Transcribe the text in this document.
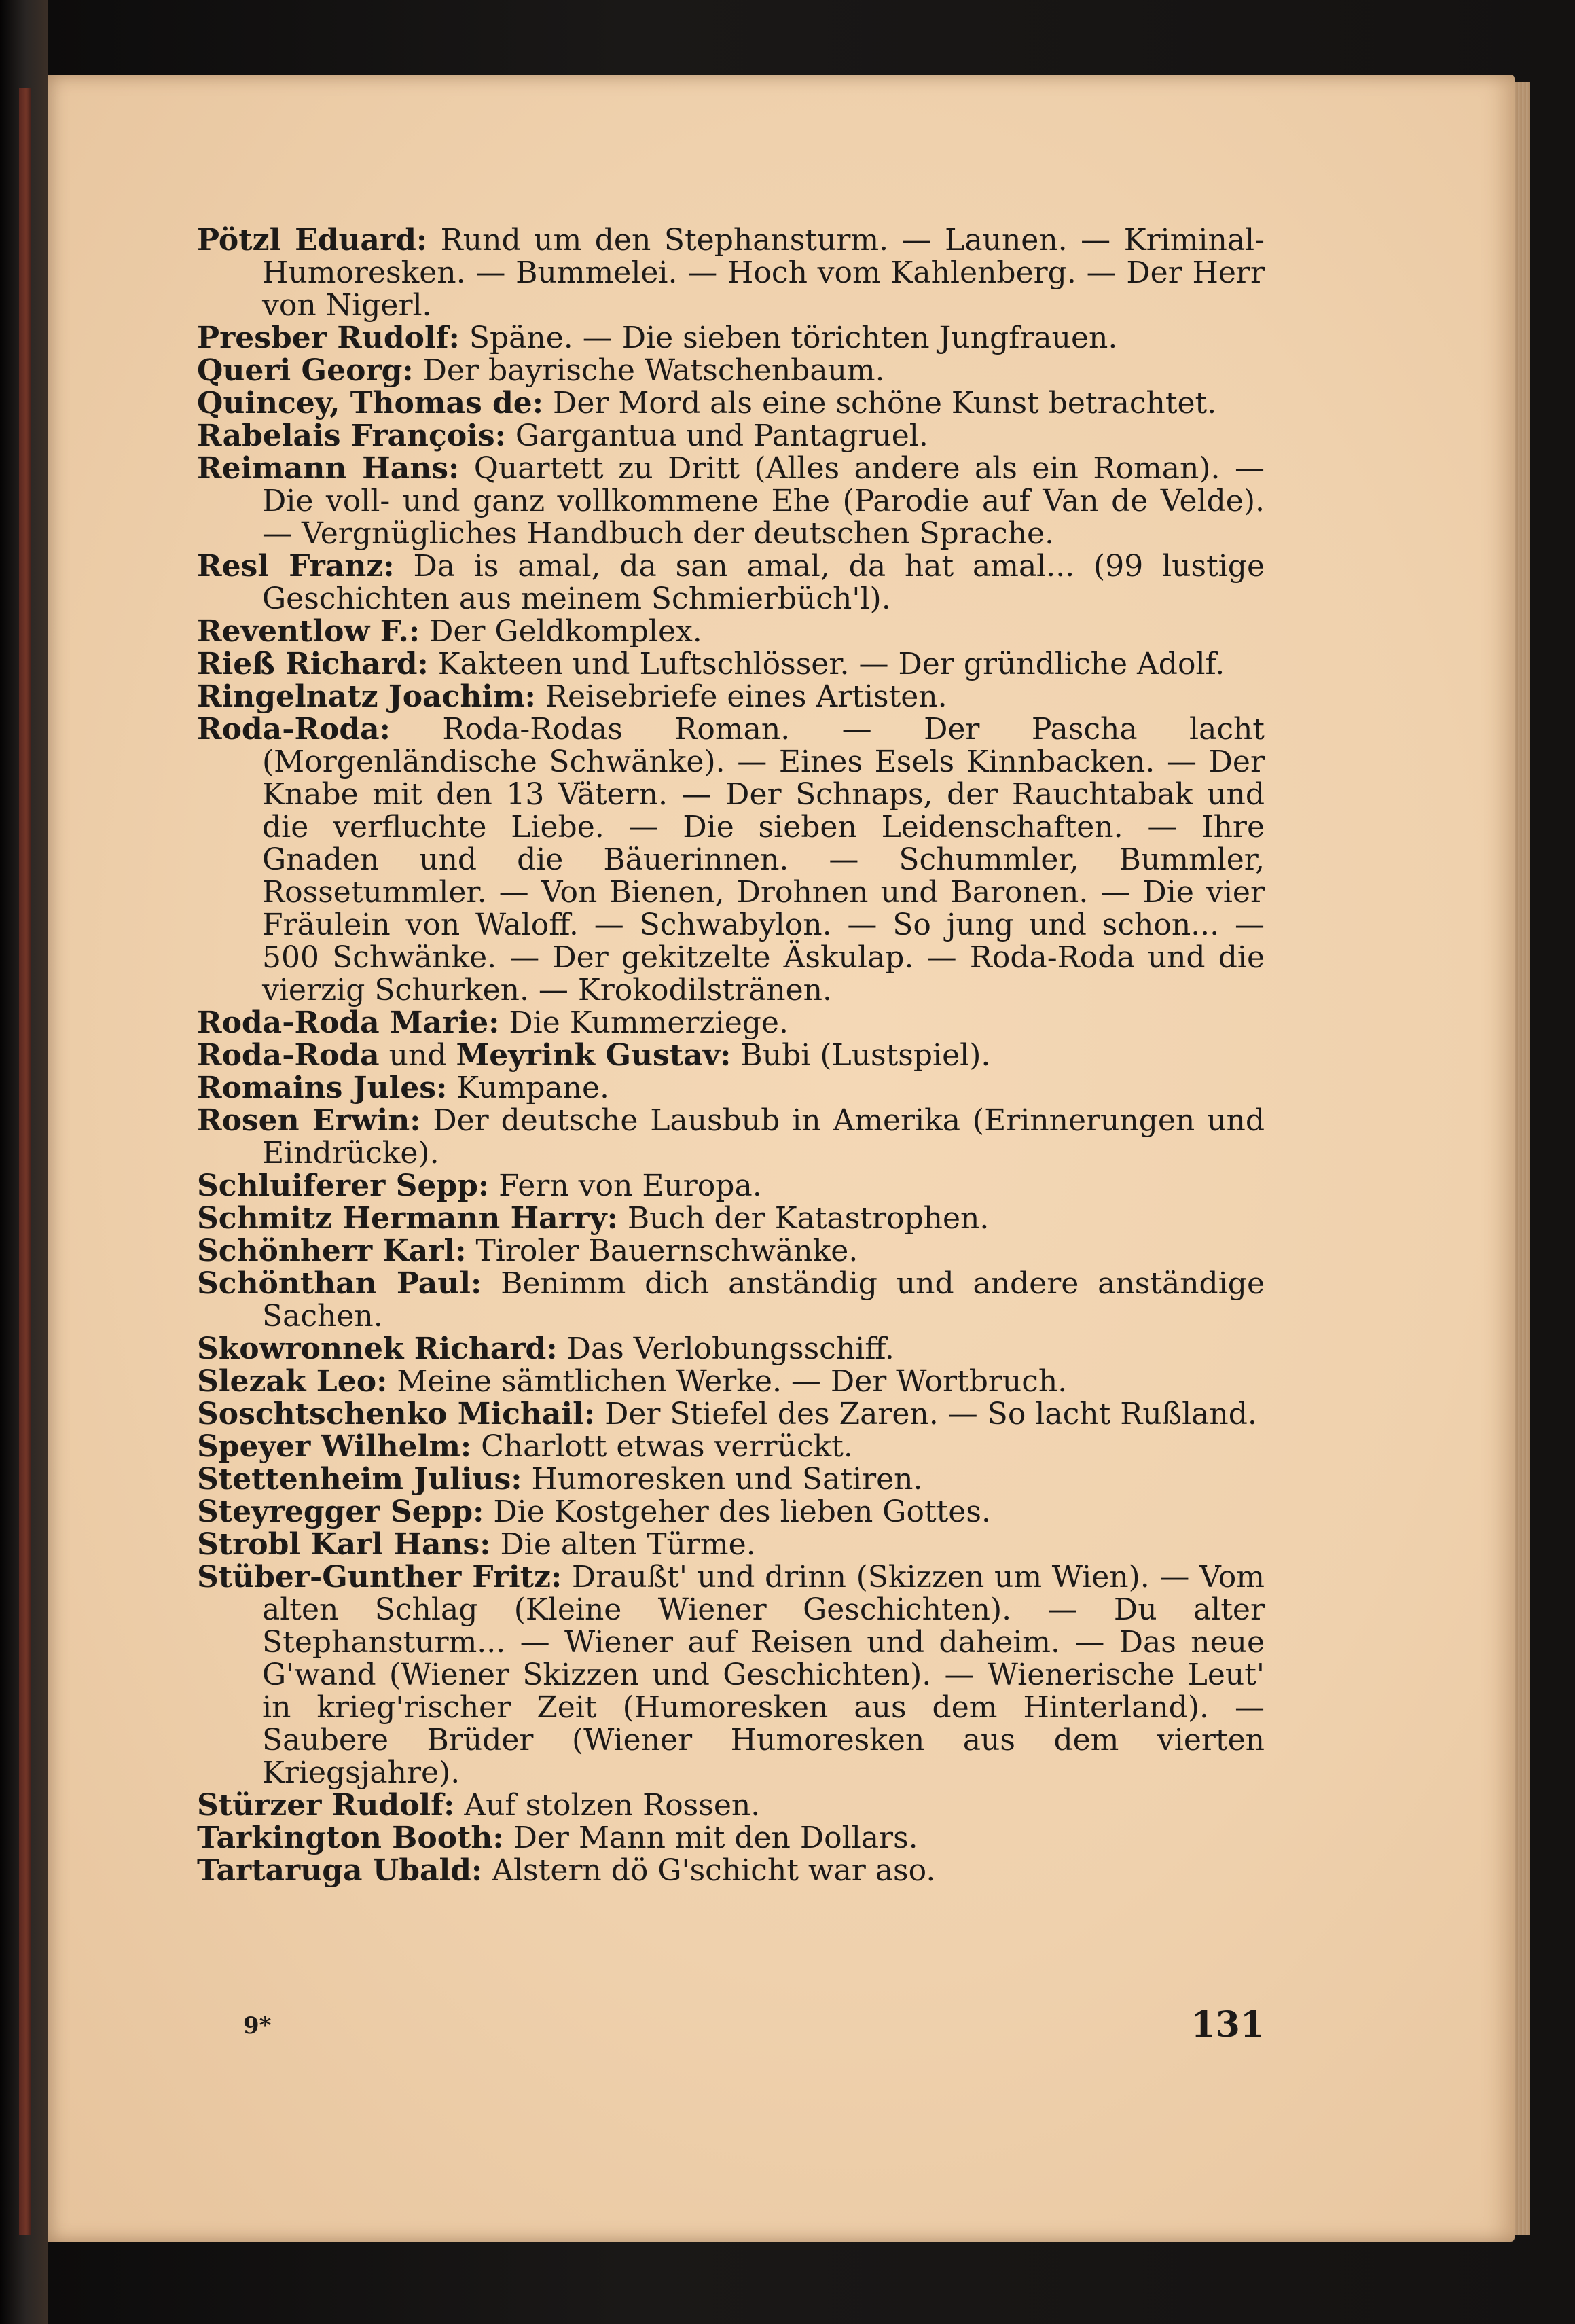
Pötzl Eduard: Rund um den Stephansturm. — Launen. — Kriminal-Humoresken. — Bummelei. — Hoch vom Kahlenberg. — Der Herr von Nigerl.

Presber Rudolf: Späne. — Die sieben törichten Jungfrauen.

Queri Georg: Der bayrische Watschenbaum.

Quincey, Thomas de: Der Mord als eine schöne Kunst betrachtet.

Rabelais François: Gargantua und Pantagruel.

Reimann Hans: Quartett zu Dritt (Alles andere als ein Roman). — Die voll- und ganz vollkommene Ehe (Parodie auf Van de Velde). — Vergnügliches Handbuch der deutschen Sprache.

Resl Franz: Da is amal, da san amal, da hat amal... (99 lustige Geschichten aus meinem Schmierbüch'l).

Reventlow F.: Der Geldkomplex.

Rieß Richard: Kakteen und Luftschlösser. — Der gründliche Adolf.

Ringelnatz Joachim: Reisebriefe eines Artisten.

Roda-Roda: Roda-Rodas Roman. — Der Pascha lacht (Morgenländische Schwänke). — Eines Esels Kinnbacken. — Der Knabe mit den 13 Vätern. — Der Schnaps, der Rauchtabak und die verfluchte Liebe. — Die sieben Leidenschaften. — Ihre Gnaden und die Bäuerinnen. — Schummler, Bummler, Rossetummler. — Von Bienen, Drohnen und Baronen. — Die vier Fräulein von Waloff. — Schwabylon. — So jung und schon... — 500 Schwänke. — Der gekitzelte Äskulap. — Roda-Roda und die vierzig Schurken. — Krokodilstränen.

Roda-Roda Marie: Die Kummerziege.

Roda-Roda und Meyrink Gustav: Bubi (Lustspiel).

Romains Jules: Kumpane.

Rosen Erwin: Der deutsche Lausbub in Amerika (Erinnerungen und Eindrücke).

Schluiferer Sepp: Fern von Europa.

Schmitz Hermann Harry: Buch der Katastrophen.

Schönherr Karl: Tiroler Bauernschwänke.

Schönthan Paul: Benimm dich anständig und andere anständige Sachen.

Skowronnek Richard: Das Verlobungsschiff.

Slezak Leo: Meine sämtlichen Werke. — Der Wortbruch.

Soschtschenko Michail: Der Stiefel des Zaren. — So lacht Rußland.

Speyer Wilhelm: Charlott etwas verrückt.

Stettenheim Julius: Humoresken und Satiren.

Steyregger Sepp: Die Kostgeher des lieben Gottes.

Strobl Karl Hans: Die alten Türme.

Stüber-Gunther Fritz: Draußt' und drinn (Skizzen um Wien). — Vom alten Schlag (Kleine Wiener Geschichten). — Du alter Stephansturm... — Wiener auf Reisen und daheim. — Das neue G'wand (Wiener Skizzen und Geschichten). — Wienerische Leut' in krieg'rischer Zeit (Humoresken aus dem Hinterland). — Saubere Brüder (Wiener Humoresken aus dem vierten Kriegsjahre).

Stürzer Rudolf: Auf stolzen Rossen.

Tarkington Booth: Der Mann mit den Dollars.

Tartaruga Ubald: Alstern dö G'schicht war aso.

9*	131
